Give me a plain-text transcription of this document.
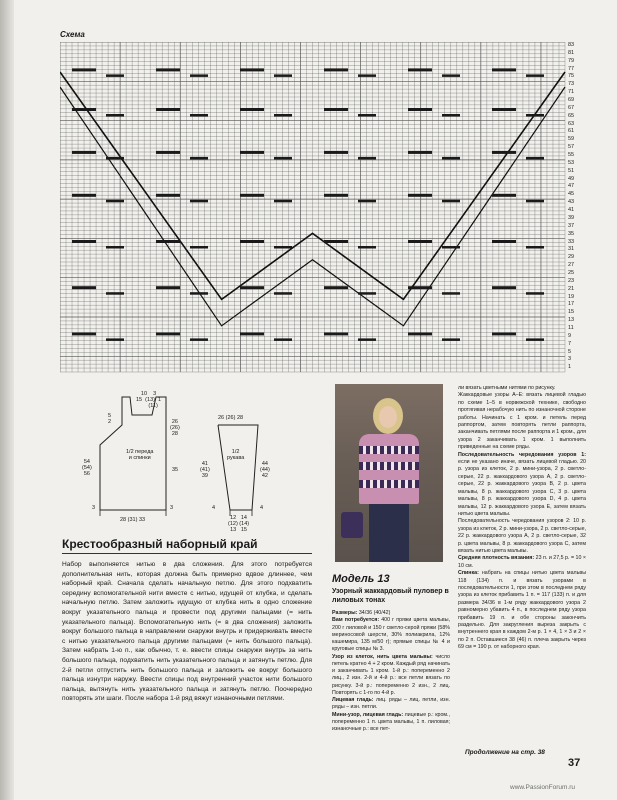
Схема
83
81
79
77
75
73
71
69
67
65
63
61
59
57
55
53
51
49
47
45
43
41
39
37
35
33
31
29
27
25
23
21
19
17
15
13
11
9
7
5
3
1
10    3
15  (13)  1
(11)
5
2	26
(26)
28
1/2 переда
и спинки
54
(54)
56
35
3	3
28 (31) 33
26 (26) 28
1/2
рукава
41
(41)
39
44
(44)
42
4	4
12   14
(12) (14)
13   15
Крестообразный наборный край
Набор выполняется нитью в два сложения. Для этого потребуется дополнительная нить, которая должна быть примерно вдвое длиннее, чем наборный край. Сначала сделать начальную петлю. Для этого подхватить середину вспомогательной нити вместе с нитью, идущей от клубка, и сделать начальную петлю. Затем заложить идущую от клубка нить в одно сложение вокруг указательного пальца и провести под другими пальцами (= нить указательного пальца). Вспомогательную нить (= в два сложения) заложить вокруг большого пальца в направлении снаружи внутрь и придерживать вместе с нитью указательного пальца другими пальцами (= нить большого пальца). Затем набрать 1-ю п., как обычно, т. е. ввести спицы снаружи внутрь за нить большого пальца, подхватить нить указательного пальца и затянуть петлю. Для 2-й петли отпустить нить большого пальца и заложить ее вокруг большого пальца изнутри наружу. Ввести спицы под внутренний участок нити большого пальца, вытянуть нить указательного пальца и затянуть петлю. Поочередно повторять эти шаги. После набора 1-й ряд вяжут изнаночными петлями.
Модель 13
Узорный жаккардовый пуловер в лиловых тонах
Размеры: 34/36 (40/42)
Вам потребуется: 400 г пряжи цвета мальвы, 200 г лиловой и 150 г светло-серой пряжи (58% мериносовой шерсти, 30% полиакрила, 12% кашемира, 135 м/50 г); прямые спицы № 4 и круговые спицы № 3.
Узор из клеток, нить цвета мальвы: число петель кратно 4 + 2 кром. Каждый ряд начинать и заканчивать 1 кром. 1-й р.: попеременно 2 лиц., 2 изн. 2-й и 4-й р.: все петли вязать по рисунку. 3-й р.: попеременно 2 изн., 2 лиц. Повторять с 1-го по 4-й р.
Лицевая гладь: лиц. ряды – лиц. петли, изн. ряды – изн. петли.
Мини-узор, лицевая гладь: лицевые р.: кром., попеременно 1 п. цвета мальвы, 1 п. лиловая; изнаночные р.: все пет-
ли вязать цветными нитями по рисунку.
Жаккардовые узоры А–Е: вязать лицевой гладью по схеме 1–5 в норвежской технике, свободно протягивая нерабочую нить по изнаночной стороне работы. Начинать с 1 кром. и петель перед раппортом, затем повторять петли раппорта, заканчивать петлями после раппорта и 1 кром., для узора 2 заканчивать 1 кром. 1 выполнить приведенные на схеме ряды.
Последовательность чередования узоров 1: если не указано иначе, вязать лицевой гладью. 20 р. узора из клеток, 2 р. мини-узора, 2 р. светло-серые, 22 р. жаккардового узора А, 2 р. светло-серые, 22 р. жаккардового узора В, 2 р. цвета мальвы, 8 р. жаккардового узора С, 3 р. цвета мальвы, 8 р. жаккардового узора D, 4 р. цвета мальвы, 12 р. жаккардового узора Е, затем вязать нитью цвета мальвы.
Последовательность чередования узоров 2: 10 р. узора из клеток, 2 р. мини-узора, 2 р. светло-серые, 22 р. жаккардового узора А, 2 р. светло-серые, 32 р. цвета мальвы, 8 р. жаккардового узора С, затем вязать нитью цвета мальвы.
Средняя плотность вязания: 23 п. и 27,5 р. = 10 × 10 см.
Спинка: набрать на спицы нитью цвета мальвы 118 (134) п. и вязать узорами в последовательности 1, при этом в последнем ряду узора из клеток прибавить 1 п. = 117 (133) п. и для размера 34/36 в 1-м ряду жаккардового узора 2 равномерно убавить 4 п., в последнем ряду узора прибавить 19 п. и обе стороны закончить раздельно. Для закругления выреза закрыть с внутреннего края в каждом 2-м р. 1 × 4, 1 × 3 и 2 × по 2 п. Оставшиеся 38 (46) п. плеча закрыть через 69 см = 190 р. от наборного края.
Продолжение на стр. 38
37
www.PassionForum.ru
